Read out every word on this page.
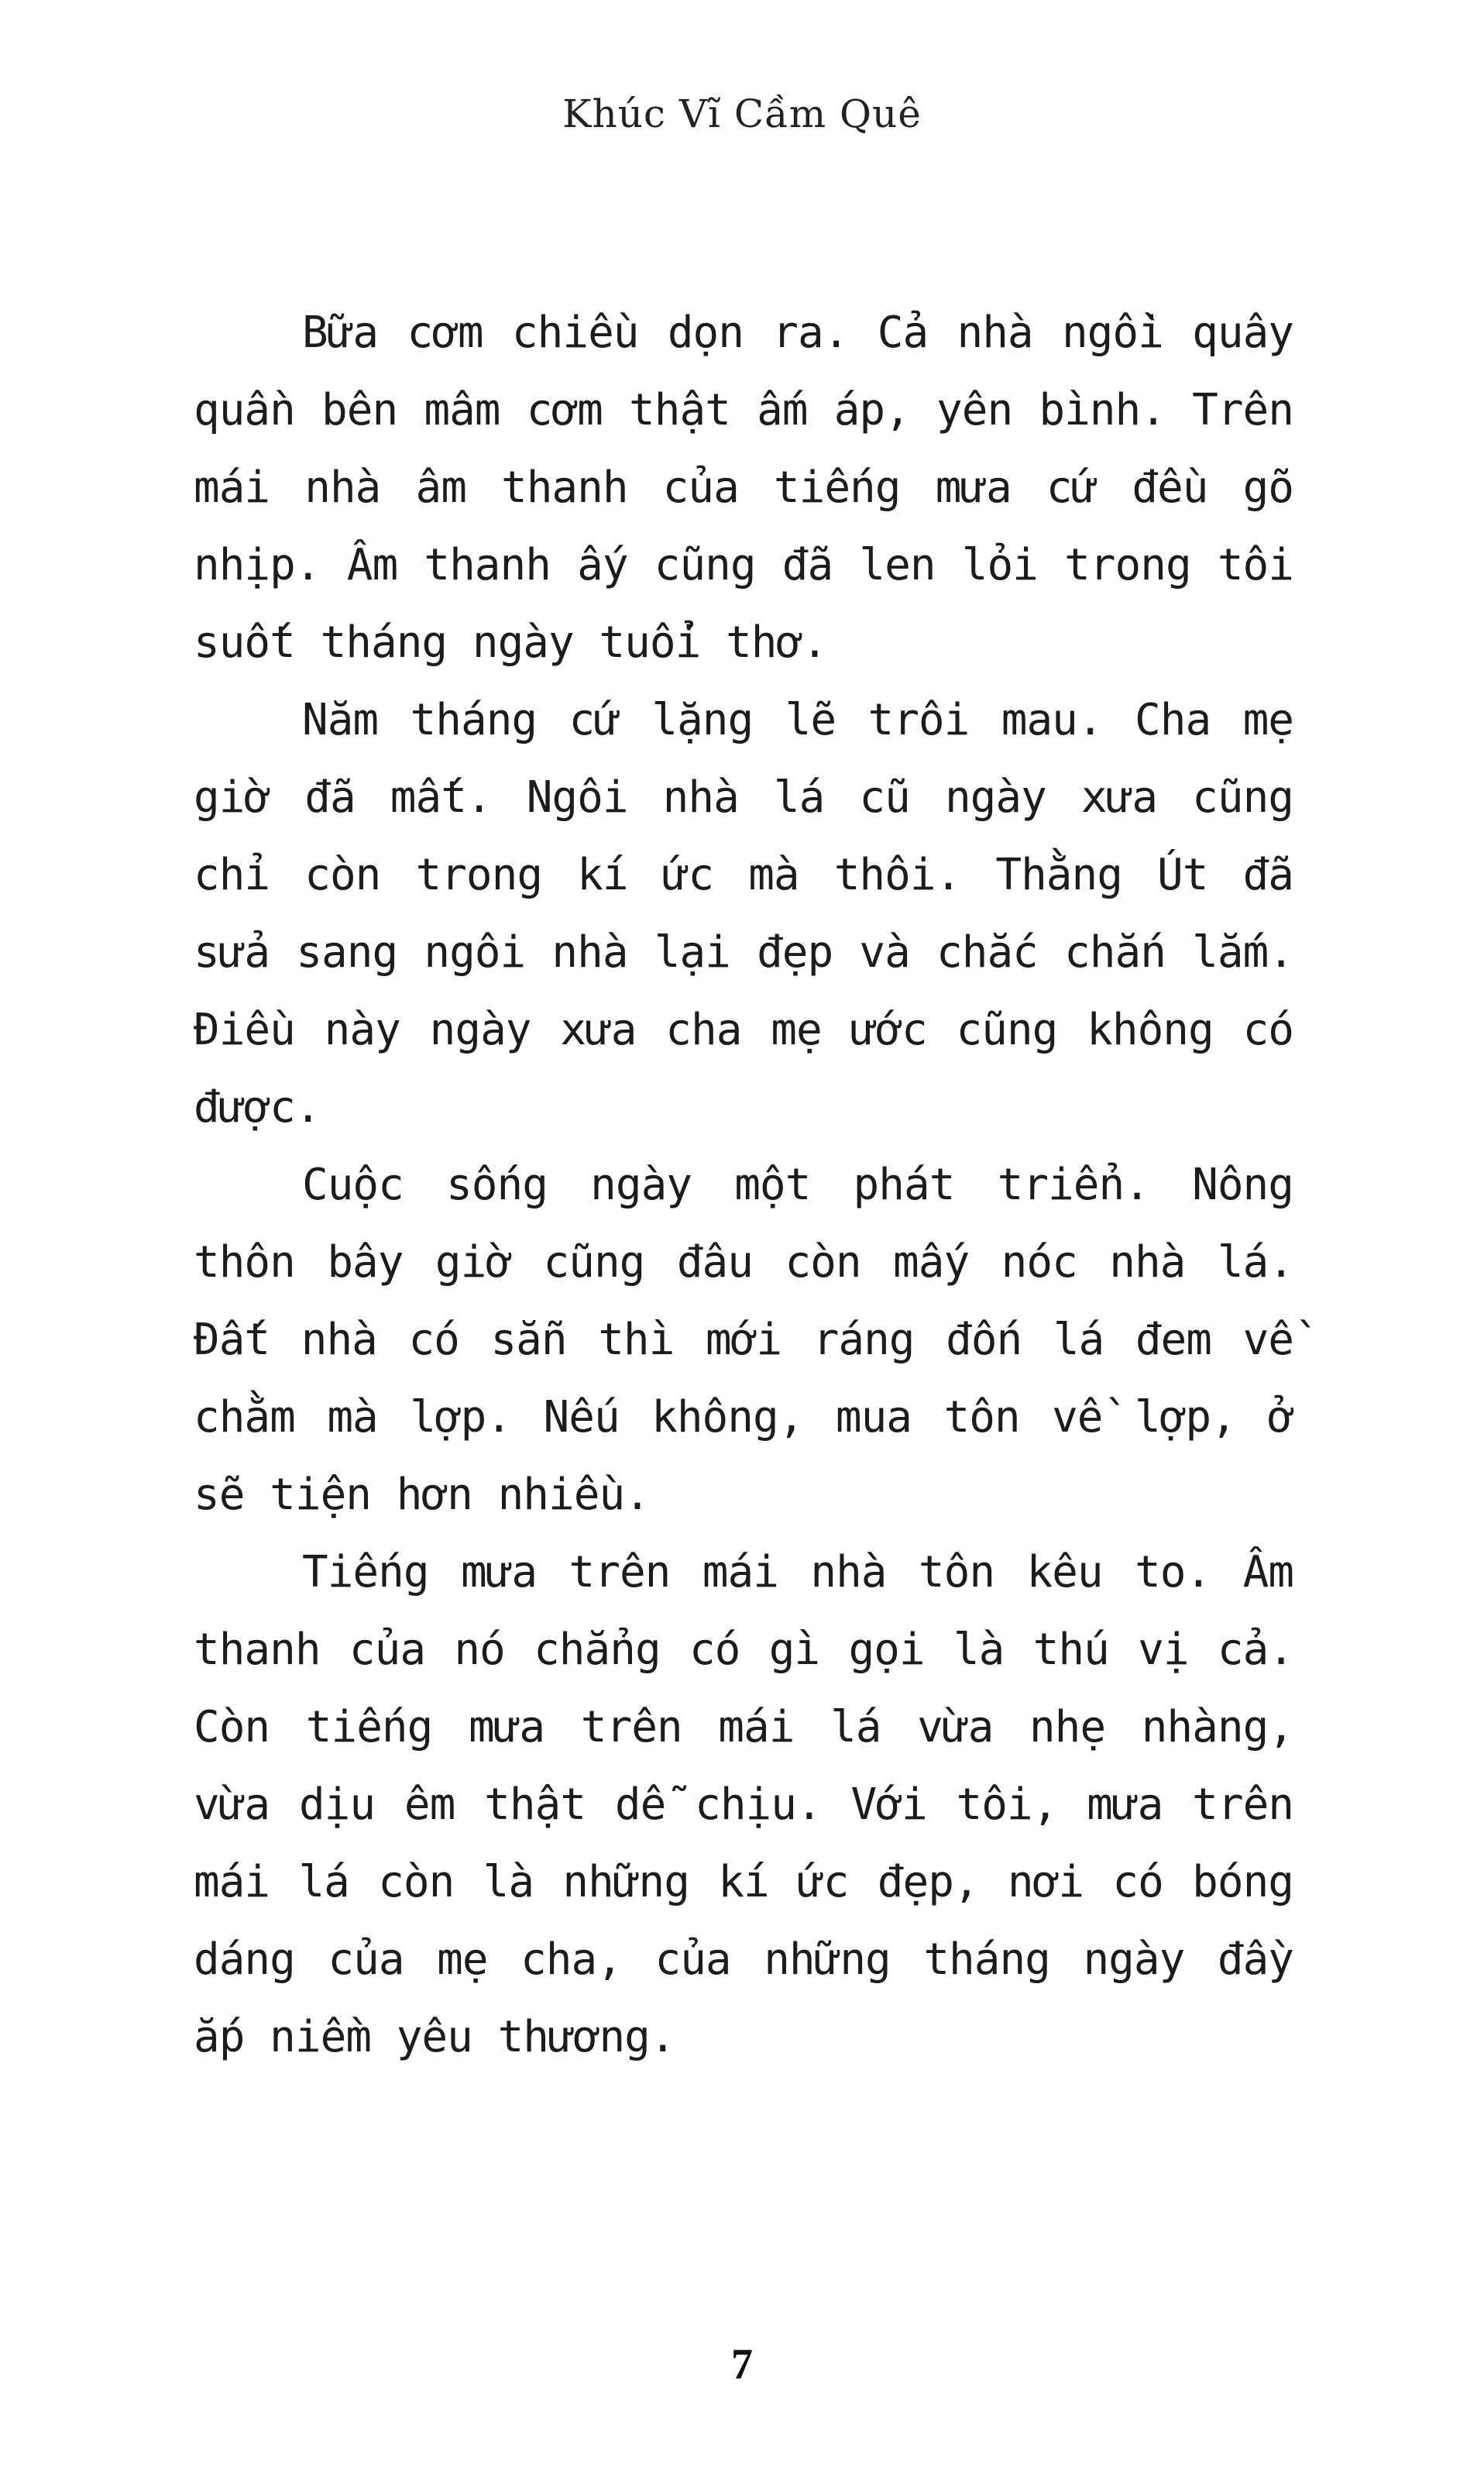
Khúc Vĩ Cầm Quê

Bữa cơm chiều dọn ra. Cả nhà ngồi quây quần bên mâm cơm thật ấm áp, yên bình. Trên mái nhà âm thanh của tiếng mưa cứ đều gõ nhịp. Âm thanh ấy cũng đã len lỏi trong tôi suốt tháng ngày tuổi thơ.

Năm tháng cứ lặng lẽ trôi mau. Cha mẹ giờ đã mất. Ngôi nhà lá cũ ngày xưa cũng chỉ còn trong kí ức mà thôi. Thằng Út đã sửa sang ngôi nhà lại đẹp và chắc chắn lắm. Điều này ngày xưa cha mẹ ước cũng không có được.

Cuộc sống ngày một phát triển. Nông thôn bây giờ cũng đâu còn mấy nóc nhà lá. Đất nhà có sẵn thì mới ráng đốn lá đem về chằm mà lợp. Nếu không, mua tôn về lợp, ở sẽ tiện hơn nhiều.

Tiếng mưa trên mái nhà tôn kêu to. Âm thanh của nó chẳng có gì gọi là thú vị cả. Còn tiếng mưa trên mái lá vừa nhẹ nhàng, vừa dịu êm thật dễ chịu. Với tôi, mưa trên mái lá còn là những kí ức đẹp, nơi có bóng dáng của mẹ cha, của những tháng ngày đầy ắp niềm yêu thương.

7
